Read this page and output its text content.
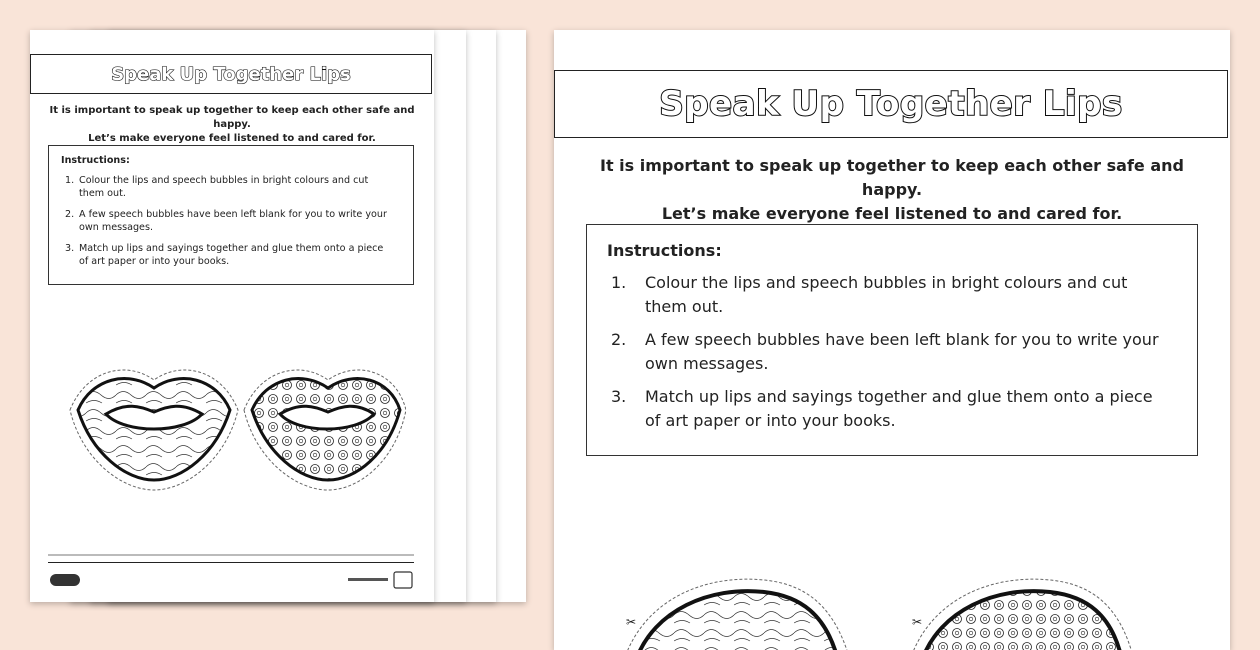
Speak Up Together Lips
It is important to speak up together to keep each other safe and happy.
Let’s make everyone feel listened to and cared for.
Instructions:
1. Colour the lips and speech bubbles in bright colours and cut them out.
2. A few speech bubbles have been left blank for you to write your own messages.
3. Match up lips and sayings together and glue them onto a piece of art paper or into your books.
Speak Up Together Lips
It is important to speak up together to keep each other safe and happy.
Let’s make everyone feel listened to and cared for.
Instructions:
1.	Colour the lips and speech bubbles in bright colours and cut them out.
2.	A few speech bubbles have been left blank for you to write your own messages.
3.	Match up lips and sayings together and glue them onto a piece of art paper or into your books.
✂	✂
